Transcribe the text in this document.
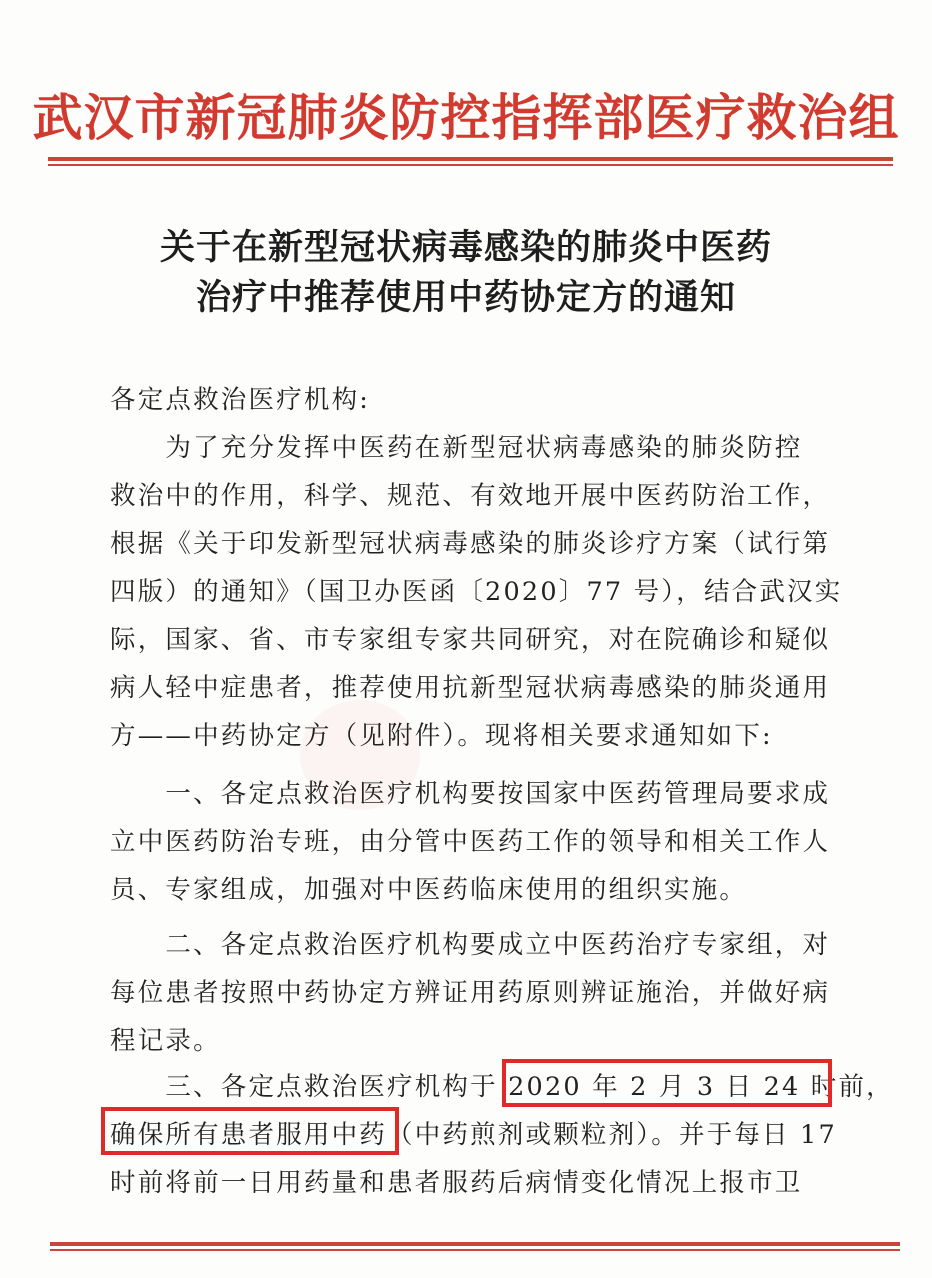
武汉市新冠肺炎防控指挥部医疗救治组
关于在新型冠状病毒感染的肺炎中医药
治疗中推荐使用中药协定方的通知
各定点救治医疗机构:
　　为了充分发挥中医药在新型冠状病毒感染的肺炎防控
救治中的作用，科学、规范、有效地开展中医药防治工作，
根据《关于印发新型冠状病毒感染的肺炎诊疗方案（试行第
四版）的通知》（国卫办医函〔2020〕77 号），结合武汉实
际，国家、省、市专家组专家共同研究，对在院确诊和疑似
病人轻中症患者，推荐使用抗新型冠状病毒感染的肺炎通用
方——中药协定方（见附件）。现将相关要求通知如下:
　　一、各定点救治医疗机构要按国家中医药管理局要求成
立中医药防治专班，由分管中医药工作的领导和相关工作人
员、专家组成，加强对中医药临床使用的组织实施。
　　二、各定点救治医疗机构要成立中医药治疗专家组，对
每位患者按照中药协定方辨证用药原则辨证施治，并做好病
程记录。
　　三、各定点救治医疗机构于 2020 年 2 月 3 日 24 时前，
确保所有患者服用中药（中药煎剂或颗粒剂）。并于每日 17
时前将前一日用药量和患者服药后病情变化情况上报市卫
